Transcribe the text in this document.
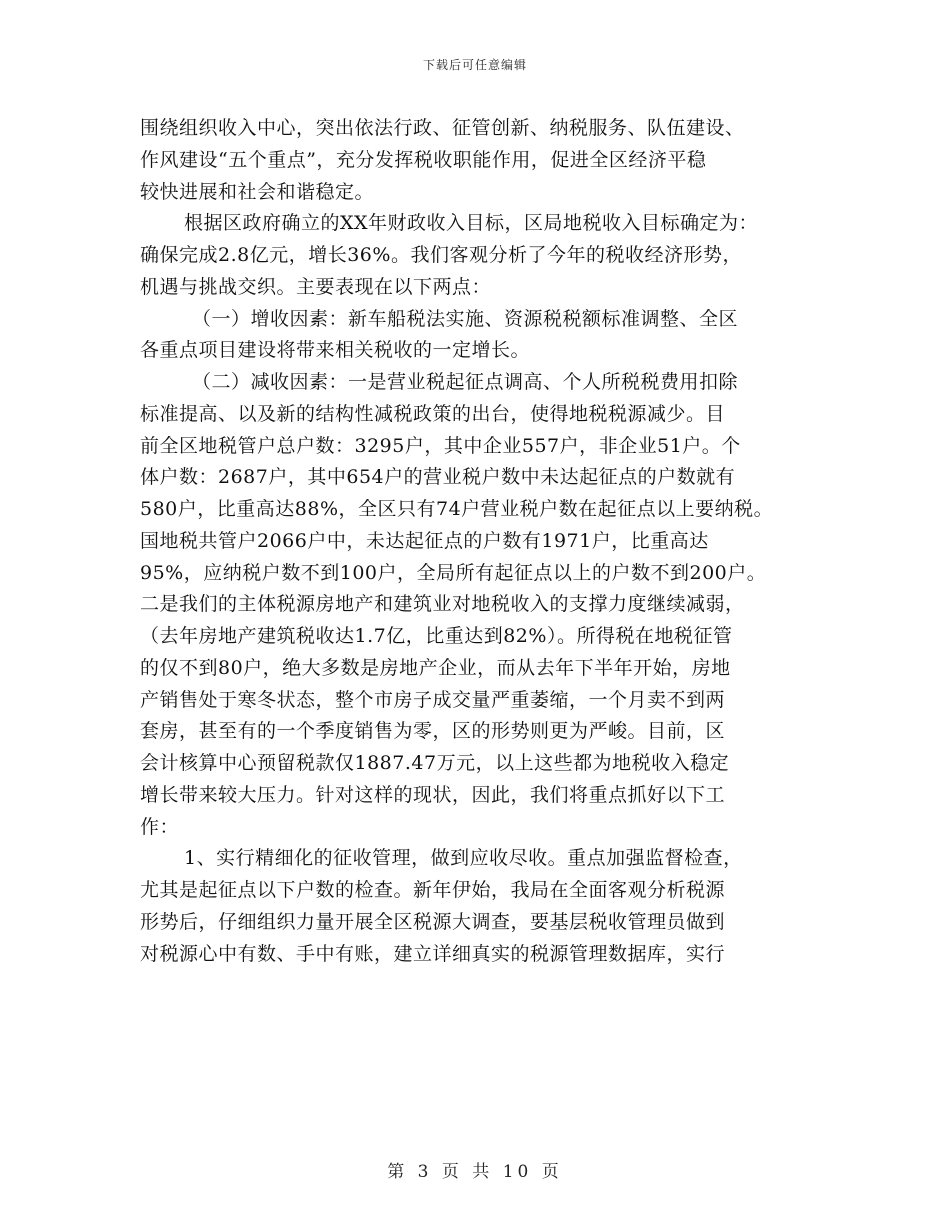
下载后可任意编辑
围绕组织收入中心，突出依法行政、征管创新、纳税服务、队伍建设、
作风建设“五个重点”，充分发挥税收职能作用，促进全区经济平稳
较快进展和社会和谐稳定。
根据区政府确立的XX年财政收入目标，区局地税收入目标确定为：
确保完成2.8亿元，增长36%。我们客观分析了今年的税收经济形势，
机遇与挑战交织。主要表现在以下两点：
（一）增收因素：新车船税法实施、资源税税额标准调整、全区
各重点项目建设将带来相关税收的一定增长。
（二）减收因素：一是营业税起征点调高、个人所税税费用扣除
标准提高、以及新的结构性减税政策的出台，使得地税税源减少。目
前全区地税管户总户数：3295户，其中企业557户，非企业51户。个
体户数：2687户，其中654户的营业税户数中未达起征点的户数就有
580户，比重高达88%，全区只有74户营业税户数在起征点以上要纳税。
国地税共管户2066户中，未达起征点的户数有1971户，比重高达
95%，应纳税户数不到100户，全局所有起征点以上的户数不到200户。
二是我们的主体税源房地产和建筑业对地税收入的支撑力度继续减弱，
（去年房地产建筑税收达1.7亿，比重达到82%）。所得税在地税征管
的仅不到80户，绝大多数是房地产企业，而从去年下半年开始，房地
产销售处于寒冬状态，整个市房子成交量严重萎缩，一个月卖不到两
套房，甚至有的一个季度销售为零，区的形势则更为严峻。目前，区
会计核算中心预留税款仅1887.47万元，以上这些都为地税收入稳定
增长带来较大压力。针对这样的现状，因此，我们将重点抓好以下工
作：
1、实行精细化的征收管理，做到应收尽收。重点加强监督检查，
尤其是起征点以下户数的检查。新年伊始，我局在全面客观分析税源
形势后，仔细组织力量开展全区税源大调查，要基层税收管理员做到
对税源心中有数、手中有账，建立详细真实的税源管理数据库，实行
第 3 页 共 10 页
